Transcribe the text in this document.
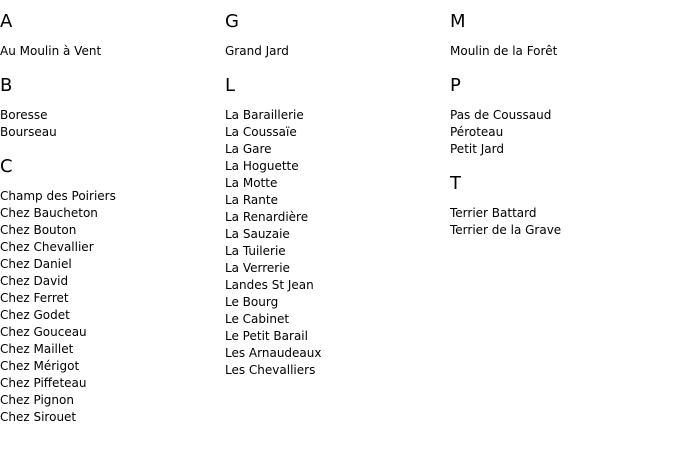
A
Au Moulin à Vent
B
Boresse
Bourseau
C
Champ des Poiriers
Chez Baucheton
Chez Bouton
Chez Chevallier
Chez Daniel
Chez David
Chez Ferret
Chez Godet
Chez Gouceau
Chez Maillet
Chez Mérigot
Chez Piffeteau
Chez Pignon
Chez Sirouet
G
Grand Jard
L
La Baraillerie
La Coussaïe
La Gare
La Hoguette
La Motte
La Rante
La Renardière
La Sauzaie
La Tuilerie
La Verrerie
Landes St Jean
Le Bourg
Le Cabinet
Le Petit Barail
Les Arnaudeaux
Les Chevalliers
M
Moulin de la Forêt
P
Pas de Coussaud
Péroteau
Petit Jard
T
Terrier Battard
Terrier de la Grave
